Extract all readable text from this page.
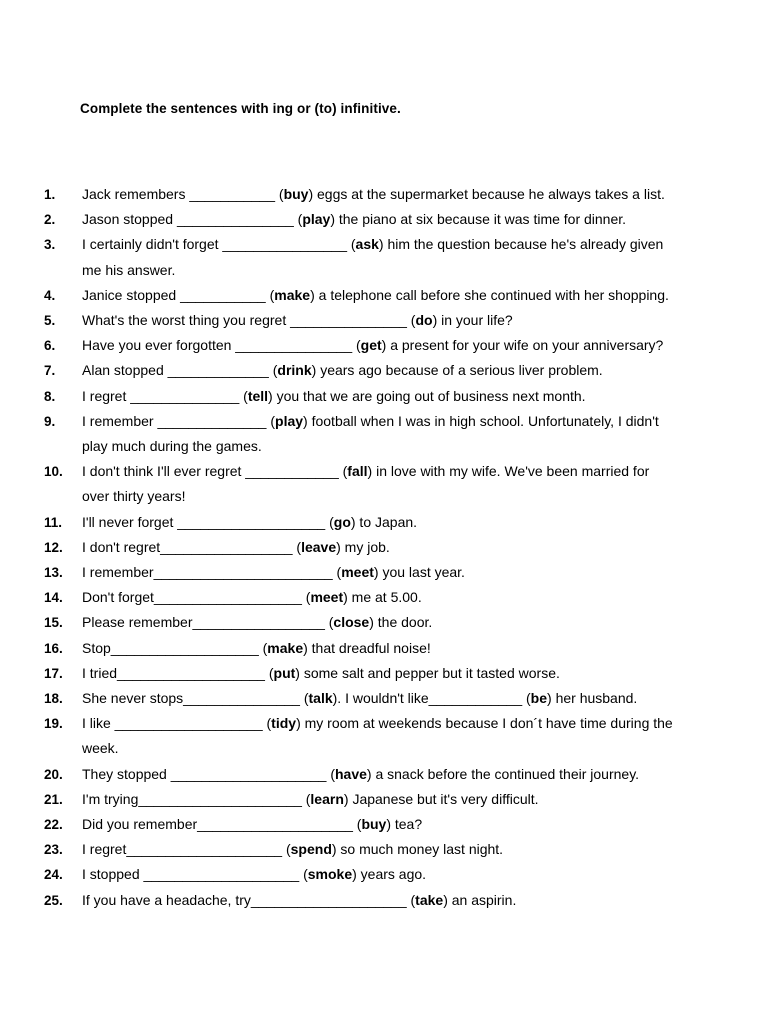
Complete the sentences with ing or (to) infinitive.
1.	Jack remembers ___________ (buy) eggs at the supermarket because he always takes a list.
2.	Jason stopped _______________ (play) the piano at six because it was time for dinner.
3.	I certainly didn't forget ________________ (ask) him the question because he's already given
me his answer.
4.	Janice stopped ___________ (make) a telephone call before she continued with her shopping.
5.	What's the worst thing you regret _______________ (do) in your life?
6.	Have you ever forgotten _______________ (get) a present for your wife on your anniversary?
7.	Alan stopped _____________ (drink) years ago because of a serious liver problem.
8.	I regret ______________ (tell) you that we are going out of business next month.
9.	I remember ______________ (play) football when I was in high school. Unfortunately, I didn't
play much during the games.
10.	I don't think I'll ever regret ____________ (fall) in love with my wife. We've been married for
over thirty years!
11.	I'll never forget ___________________ (go) to Japan.
12.	I don't regret_________________ (leave) my job.
13.	I remember_______________________ (meet) you last year.
14.	Don't forget___________________ (meet) me at 5.00.
15.	Please remember_________________ (close) the door.
16.	Stop___________________ (make) that dreadful noise!
17.	I tried___________________ (put) some salt and pepper but it tasted worse.
18.	She never stops_______________ (talk). I wouldn't like____________ (be) her husband.
19.	I like ___________________ (tidy) my room at weekends because I don´t have time during the
week.
20.	They stopped ____________________ (have) a snack before the continued their journey.
21.	I'm trying_____________________ (learn) Japanese but it's very difficult.
22.	Did you remember____________________ (buy) tea?
23.	I regret____________________ (spend) so much money last night.
24.	I stopped ____________________ (smoke) years ago.
25.	If you have a headache, try____________________ (take) an aspirin.
